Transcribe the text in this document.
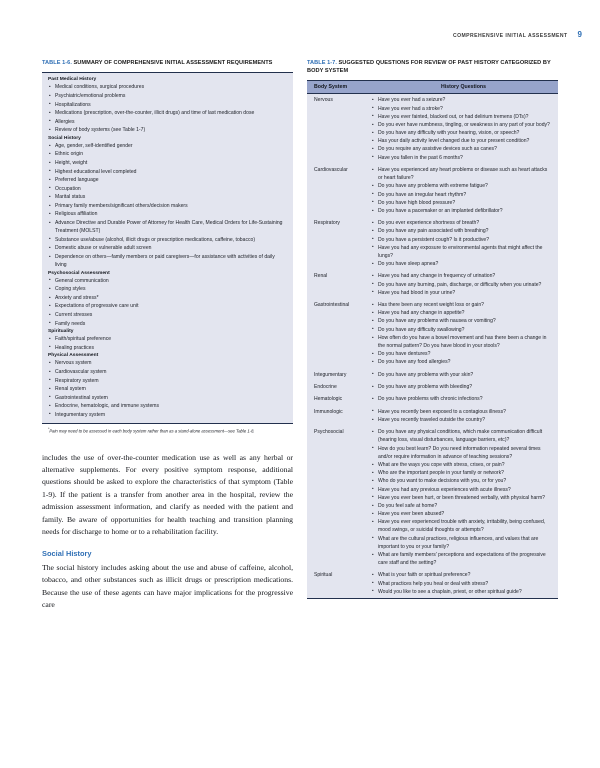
COMPREHENSIVE INITIAL ASSESSMENT 9
TABLE 1-6. SUMMARY OF COMPREHENSIVE INITIAL ASSESSMENT REQUIREMENTS
Past Medical History
• Medical conditions, surgical procedures
• Psychiatric/emotional problems
• Hospitalizations
• Medications (prescription, over-the-counter, illicit drugs) and time of last medication dose
• Allergies
• Review of body systems (see Table 1-7)
Social History
• Age, gender, self-identified gender
• Ethnic origin
• Height, weight
• Highest educational level completed
• Preferred language
• Occupation
• Marital status
• Primary family members/significant others/decision makers
• Religious affiliation
• Advance Directive and Durable Power of Attorney for Health Care, Medical Orders for Life-Sustaining Treatment (MOLST)
• Substance use/abuse (alcohol, illicit drugs or prescription medications, caffeine, tobacco)
• Domestic abuse or vulnerable adult screen
• Dependence on others—family members or paid caregivers—for assistance with activities of daily living
Psychosocial Assessment
• General communication
• Coping styles
• Anxiety and stress*
• Expectations of progressive care unit
• Current stresses
• Family needs
Spirituality
• Faith/spiritual preference
• Healing practices
Physical Assessment
• Nervous system
• Cardiovascular system
• Respiratory system
• Renal system
• Gastrointestinal system
• Endocrine, hematologic, and immune systems
• Integumentary system
*Pain may need to be assessed in each body system rather than as a stand-alone assessment—see Table 1-8.

includes the use of over-the-counter medication use as well as any herbal or alternative supplements. For every positive symptom response, additional questions should be asked to explore the characteristics of that symptom (Table 1-9). If the patient is a transfer from another area in the hospital, review the admission assessment information, and clarify as needed with the patient and family. Be aware of opportunities for health teaching and transition planning needs for discharge to home or to a rehabilitation facility.

Social History

The social history includes asking about the use and abuse of caffeine, alcohol, tobacco, and other substances such as illicit drugs or prescription medications. Because the use of these agents can have major implications for the progressive care

TABLE 1-7. SUGGESTED QUESTIONS FOR REVIEW OF PAST HISTORY CATEGORIZED BY BODY SYSTEM
Body System	History Questions
Nervous	
•Have you ever had a seizure?
• Have you ever had a stroke?
• Have you ever fainted, blacked out, or had delirium tremens (DTs)?
• Do you ever have numbness, tingling, or weakness in any part of your body?
• Do you have any difficulty with your hearing, vision, or speech?
• Has your daily activity level changed due to your present condition?
• Do you require any assistive devices such as canes?
• Have you fallen in the past 6 months?

Cardiovascular	• Have you experienced any heart problems or disease such as heart attacks or heart failure?
• Do you have any problems with extreme fatigue?
• Do you have an irregular heart rhythm?
• Do you have high blood pressure?
• Do you have a pacemaker or an implanted defibrillator?

Respiratory	• Do you ever experience shortness of breath?
• Do you have any pain associated with breathing?
• Do you have a persistent cough? Is it productive?
• Have you had any exposure to environmental agents that might affect the lungs?
• Do you have sleep apnea?

Renal	• Have you had any change in frequency of urination?
• Do you have any burning, pain, discharge, or difficulty when you urinate?
• Have you had blood in your urine?

Gastrointestinal	
•Has there been any recent weight loss or gain?
• Have you had any change in appetite?
• Do you have any problems with nausea or vomiting?
• Do you have any difficulty swallowing?
• How often do you have a bowel movement and has there been a change in the normal pattern? Do you have blood in your stools?
• Do you have dentures?
• Do you have any food allergies?

Integumentary	• Do you have any problems with your skin?

Endocrine	• Do you have any problems with bleeding?

Hematologic	• Do you have problems with chronic infections?

Immunologic	• Have you recently been exposed to a contagious illness?
• Have you recently traveled outside the country?

Psychosocial	
•Do you have any physical conditions, which make communication difficult (hearing loss, visual disturbances, language barriers, etc)?
• How do you best learn? Do you need information repeated several times and/or require information in advance of teaching sessions?
• What are the ways you cope with stress, crises, or pain?
• Who are the important people in your family or network?
• Who do you want to make decisions with you, or for you?
• Have you had any previous experiences with acute illness?
• Have you ever been hurt, or been threatened verbally, with physical harm?
• Do you feel safe at home?
• Have you ever been abused?
• Have you ever experienced trouble with anxiety, irritability, being confused, mood swings, or suicidal thoughts or attempts?
• What are the cultural practices, religious influences, and values that are important to you or your family?
• What are family members' perceptions and expectations of the progressive care staff and the setting?

Spiritual	• What is your faith or spiritual preference?
• What practices help you heal or deal with stress?
• Would you like to see a chaplain, priest, or other spiritual guide?
